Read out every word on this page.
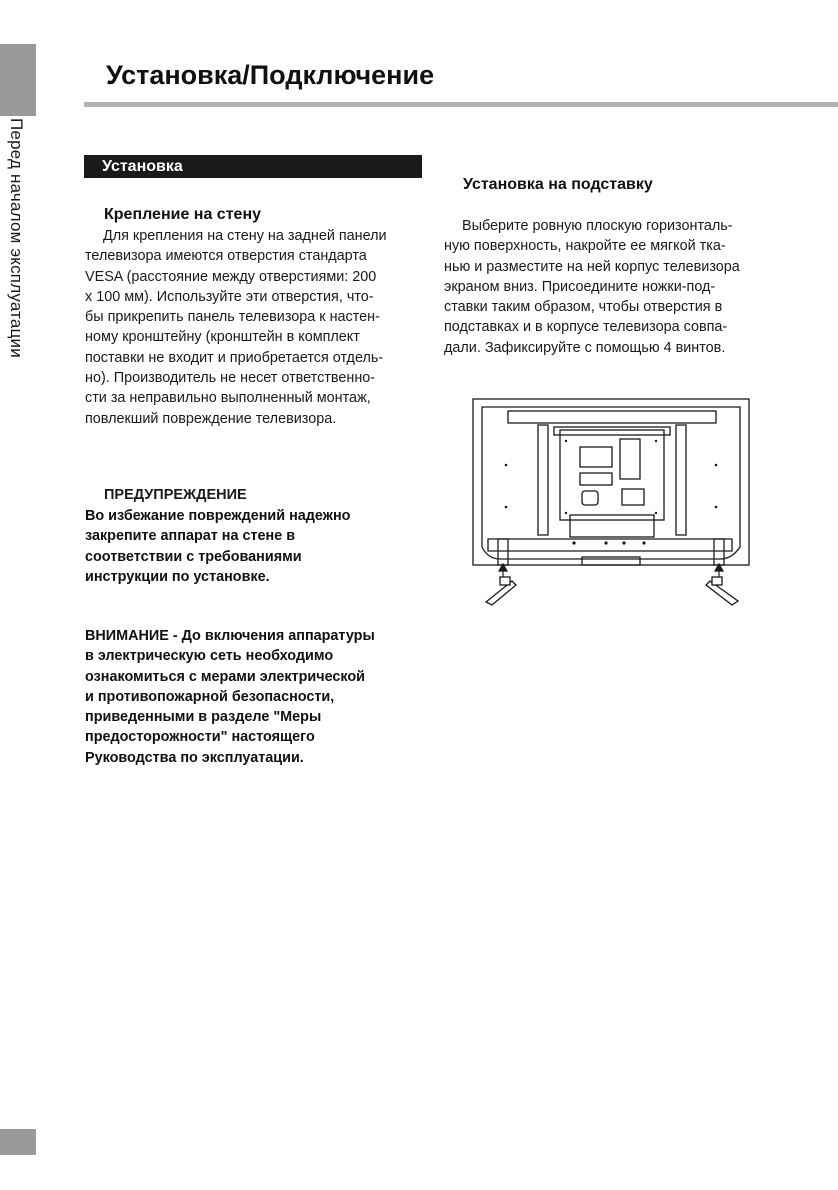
Перед началом эксплуатации
Установка/Подключение
Установка
Крепление на стену
Для крепления на стену на задней панели
телевизора имеются отверстия стандарта
VESA (расстояние между отверстиями: 200
x 100 мм). Используйте эти отверстия, что-
бы прикрепить панель телевизора к настен-
ному кронштейну (кронштейн в комплект
поставки не входит и приобретается отдель-
но). Производитель не несет ответственно-
сти за неправильно выполненный монтаж,
повлекший повреждение телевизора.
ПРЕДУПРЕЖДЕНИЕ
Во избежание повреждений надежно
закрепите аппарат на стене в
соответствии с требованиями
инструкции по установке.
ВНИМАНИЕ - До включения аппаратуры
в электрическую сеть необходимо
ознакомиться с мерами электрической
и противопожарной безопасности,
приведенными в разделе "Меры
предосторожности" настоящего
Руководства по эксплуатации.
Установка на подставку
Выберите ровную плоскую горизонталь-
ную поверхность, накройте ее мягкой тка-
нью и разместите на ней корпус телевизора
экраном вниз. Присоедините ножки-под-
ставки таким образом, чтобы отверстия в
подставках и в корпусе телевизора совпа-
дали. Зафиксируйте с помощью 4 винтов.
